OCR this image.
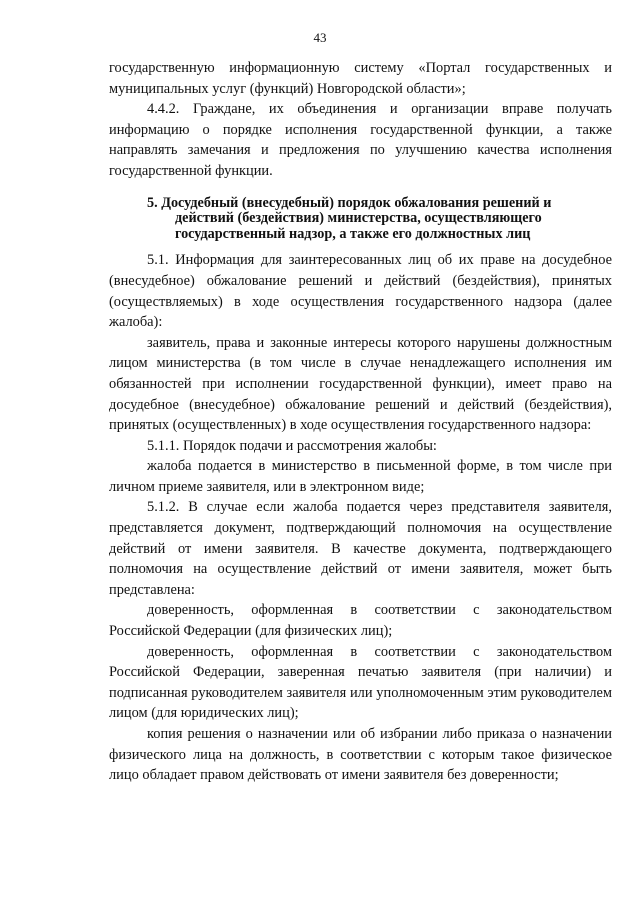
43

государственную информационную систему «Портал государственных и муниципальных услуг (функций) Новгородской области»;

4.4.2. Граждане, их объединения и организации вправе получать информацию о порядке исполнения государственной функции, а также направлять замечания и предложения по улучшению качества исполнения государственной функции.

5. Досудебный (внесудебный) порядок обжалования решений и
действий (бездействия) министерства, осуществляющего
государственный надзор, а также его должностных лиц

5.1. Информация для заинтересованных лиц об их праве на досудебное (внесудебное) обжалование решений и действий (бездействия), принятых (осуществляемых) в ходе осуществления государственного надзора (далее жалоба):

заявитель, права и законные интересы которого нарушены должностным лицом министерства (в том числе в случае ненадлежащего исполнения им обязанностей при исполнении государственной функции), имеет право на досудебное (внесудебное) обжалование решений и действий (бездействия), принятых (осуществленных) в ходе осуществления государственного надзора:

5.1.1. Порядок подачи и рассмотрения жалобы:

жалоба подается в министерство в письменной форме, в том числе при личном приеме заявителя, или в электронном виде;

5.1.2. В случае если жалоба подается через представителя заявителя, представляется документ, подтверждающий полномочия на осуществление действий от имени заявителя. В качестве документа, подтверждающего полномочия на осуществление действий от имени заявителя, может быть представлена:

доверенность, оформленная в соответствии с законодательством Российской Федерации (для физических лиц);

доверенность, оформленная в соответствии с законодательством Российской Федерации, заверенная печатью заявителя (при наличии) и подписанная руководителем заявителя или уполномоченным этим руководителем лицом (для юридических лиц);

копия решения о назначении или об избрании либо приказа о назначении физического лица на должность, в соответствии с которым такое физическое лицо обладает правом действовать от имени заявителя без доверенности;
